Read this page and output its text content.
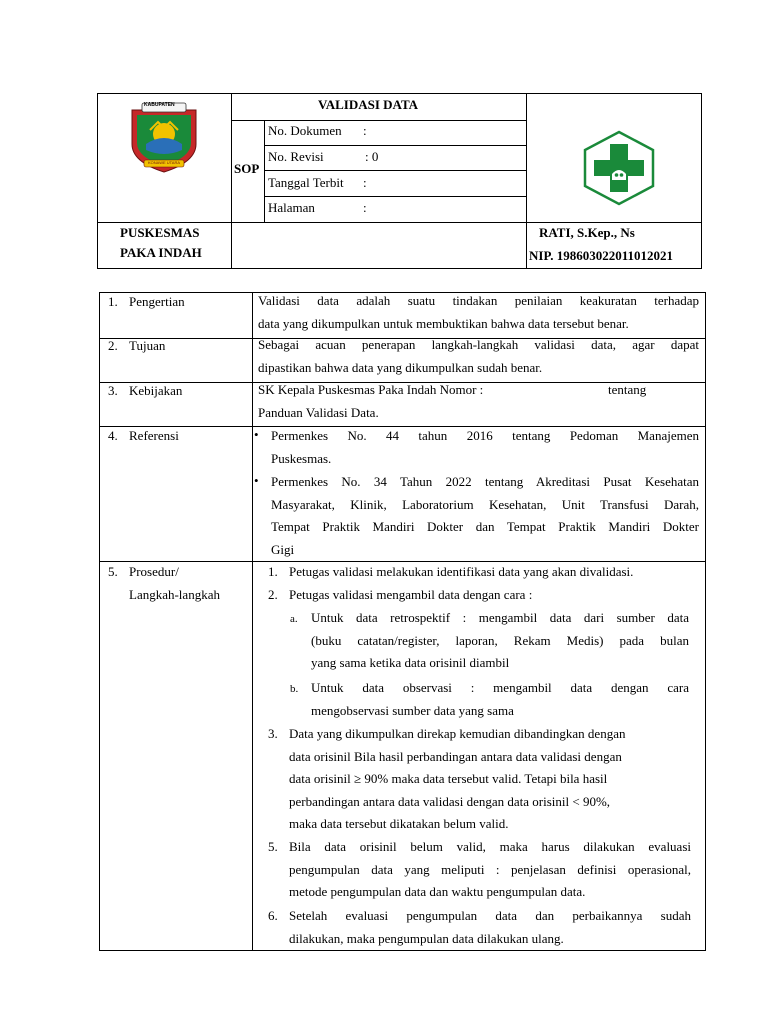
KABUPATEN
KONAWE UTARA
VALIDASI DATA
SOP
No. Dokumen :
No. Revisi	: 0
Tanggal Terbit :
Halaman	:
PUSKESMAS
PAKA INDAH
RATI, S.Kep., Ns
NIP. 198603022011012021
1. Pengertian	Validasi data adalah suatu tindakan penilaian keakuratan terhadap
data yang dikumpulkan untuk membuktikan bahwa data tersebut benar.
2. Tujuan	Sebagai acuan penerapan langkah-langkah validasi data, agar dapat
dipastikan bahwa data yang dikumpulkan sudah benar.
3. Kebijakan	SK Kepala Puskesmas Paka Indah Nomor :	tentang
Panduan Validasi Data.
4. Referensi	• Permenkes No. 44 tahun 2016 tentang Pedoman Manajemen
Puskesmas.
• Permenkes No. 34 Tahun 2022 tentang Akreditasi Pusat Kesehatan
Masyarakat, Klinik, Laboratorium Kesehatan, Unit Transfusi Darah,
Tempat Praktik Mandiri Dokter dan Tempat Praktik Mandiri Dokter
Gigi
5. Prosedur/
Langkah-langkah
1. Petugas validasi melakukan identifikasi data yang akan divalidasi.
2. Petugas validasi mengambil data dengan cara :
a. Untuk data retrospektif : mengambil data dari sumber data
(buku catatan/register, laporan, Rekam Medis) pada bulan
yang sama ketika data orisinil diambil
b. Untuk data observasi : mengambil data dengan cara
mengobservasi sumber data yang sama
3. Data yang dikumpulkan direkap kemudian dibandingkan dengan
data orisinil Bila hasil perbandingan antara data validasi dengan
data orisinil ≥ 90% maka data tersebut valid. Tetapi bila hasil
perbandingan antara data validasi dengan data orisinil < 90%,
maka data tersebut dikatakan belum valid.
5. Bila data orisinil belum valid, maka harus dilakukan evaluasi
pengumpulan data yang meliputi : penjelasan definisi operasional,
metode pengumpulan data dan waktu pengumpulan data.
6. Setelah evaluasi pengumpulan data dan perbaikannya sudah
dilakukan, maka pengumpulan data dilakukan ulang.
